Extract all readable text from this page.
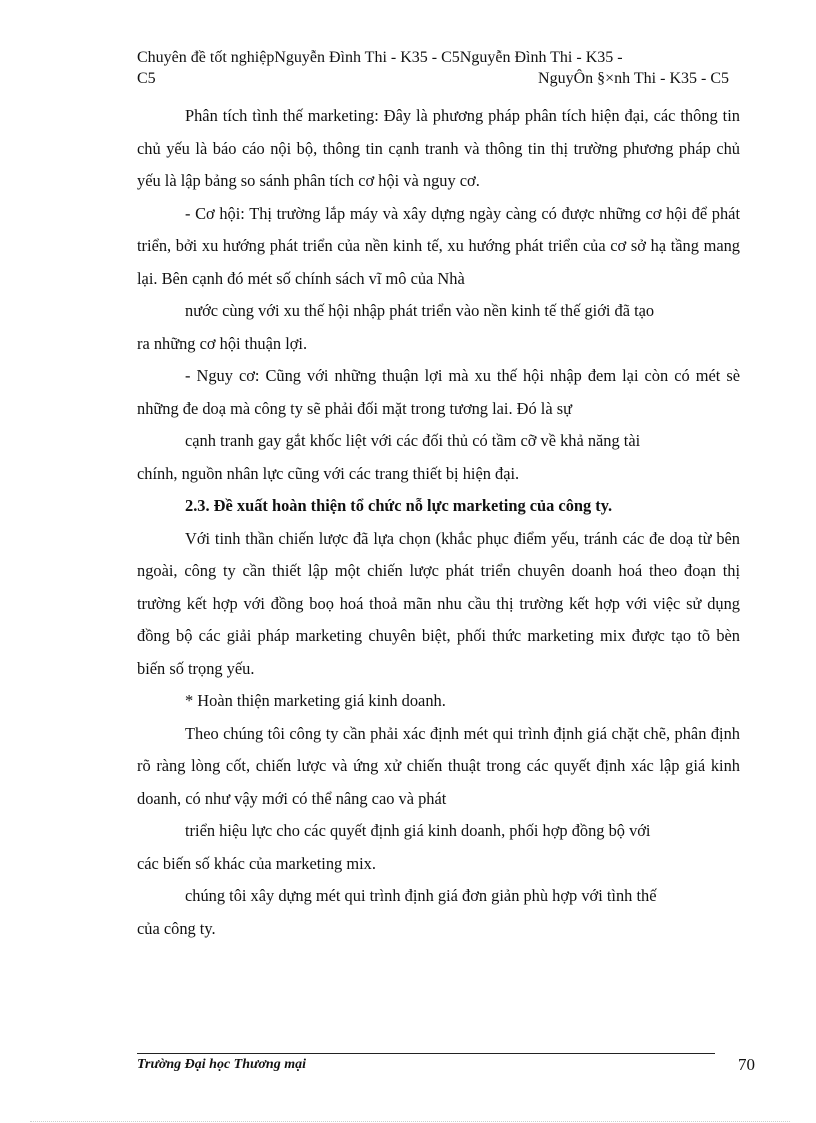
Chuyên đề tốt nghiệpNguyễn Đình Thi - K35 - C5Nguyễn Đình Thi - K35 -
C5	NguyÔn §×nh Thi - K35 - C5

Phân tích tình thế marketing: Đây là phương pháp phân tích hiện đại, các thông tin chủ yếu là báo cáo nội bộ, thông tin cạnh tranh và thông tin thị trường phương pháp chủ yếu là lập bảng so sánh phân tích cơ hội và nguy cơ.

- Cơ hội: Thị trường lắp máy và xây dựng ngày càng có được những cơ hội để phát triển, bởi xu hướng phát triển của nền kinh tế, xu hướng phát triển của cơ sở hạ tầng mang lại. Bên cạnh đó mét số chính sách vĩ mô của Nhà

nước cùng với xu thế hội nhập phát triển vào nền kinh tế thế giới đã tạo

ra những cơ hội thuận lợi.

- Nguy cơ: Cũng với những thuận lợi mà xu thế hội nhập đem lại còn có mét sè những đe doạ mà công ty sẽ phải đối mặt trong tương lai. Đó là sự

cạnh tranh gay gắt khốc liệt với các đối thủ có tầm cỡ về khả năng tài

chính, nguồn nhân lực cũng với các trang thiết bị hiện đại.

2.3. Đề xuất hoàn thiện tổ chức nỗ lực marketing của công ty.

Với tinh thần chiến lược đã lựa chọn (khắc phục điểm yếu, tránh các đe doạ từ bên ngoài, công ty cần thiết lập một chiến lược phát triển chuyên doanh hoá theo đoạn thị trường kết hợp với đồng boọ hoá thoả mãn nhu cầu thị trường kết hợp với việc sử dụng đồng bộ các giải pháp marketing chuyên biệt, phối thức marketing mix được tạo tõ bèn biến số trọng yếu.

* Hoàn thiện marketing giá kinh doanh.

Theo chúng tôi công ty cần phải xác định mét qui trình định giá chặt chẽ, phân định rõ ràng lòng cốt, chiến lược và ứng xử chiến thuật trong các quyết định xác lập giá kinh doanh, có như vậy mới có thể nâng cao và phát

triển hiệu lực cho các quyết định giá kinh doanh, phối hợp đồng bộ với

các biến số khác của marketing mix.

chúng tôi xây dựng mét qui trình định giá đơn giản phù hợp với tình thế

của công ty.

Trường Đại học Thương mại	70
